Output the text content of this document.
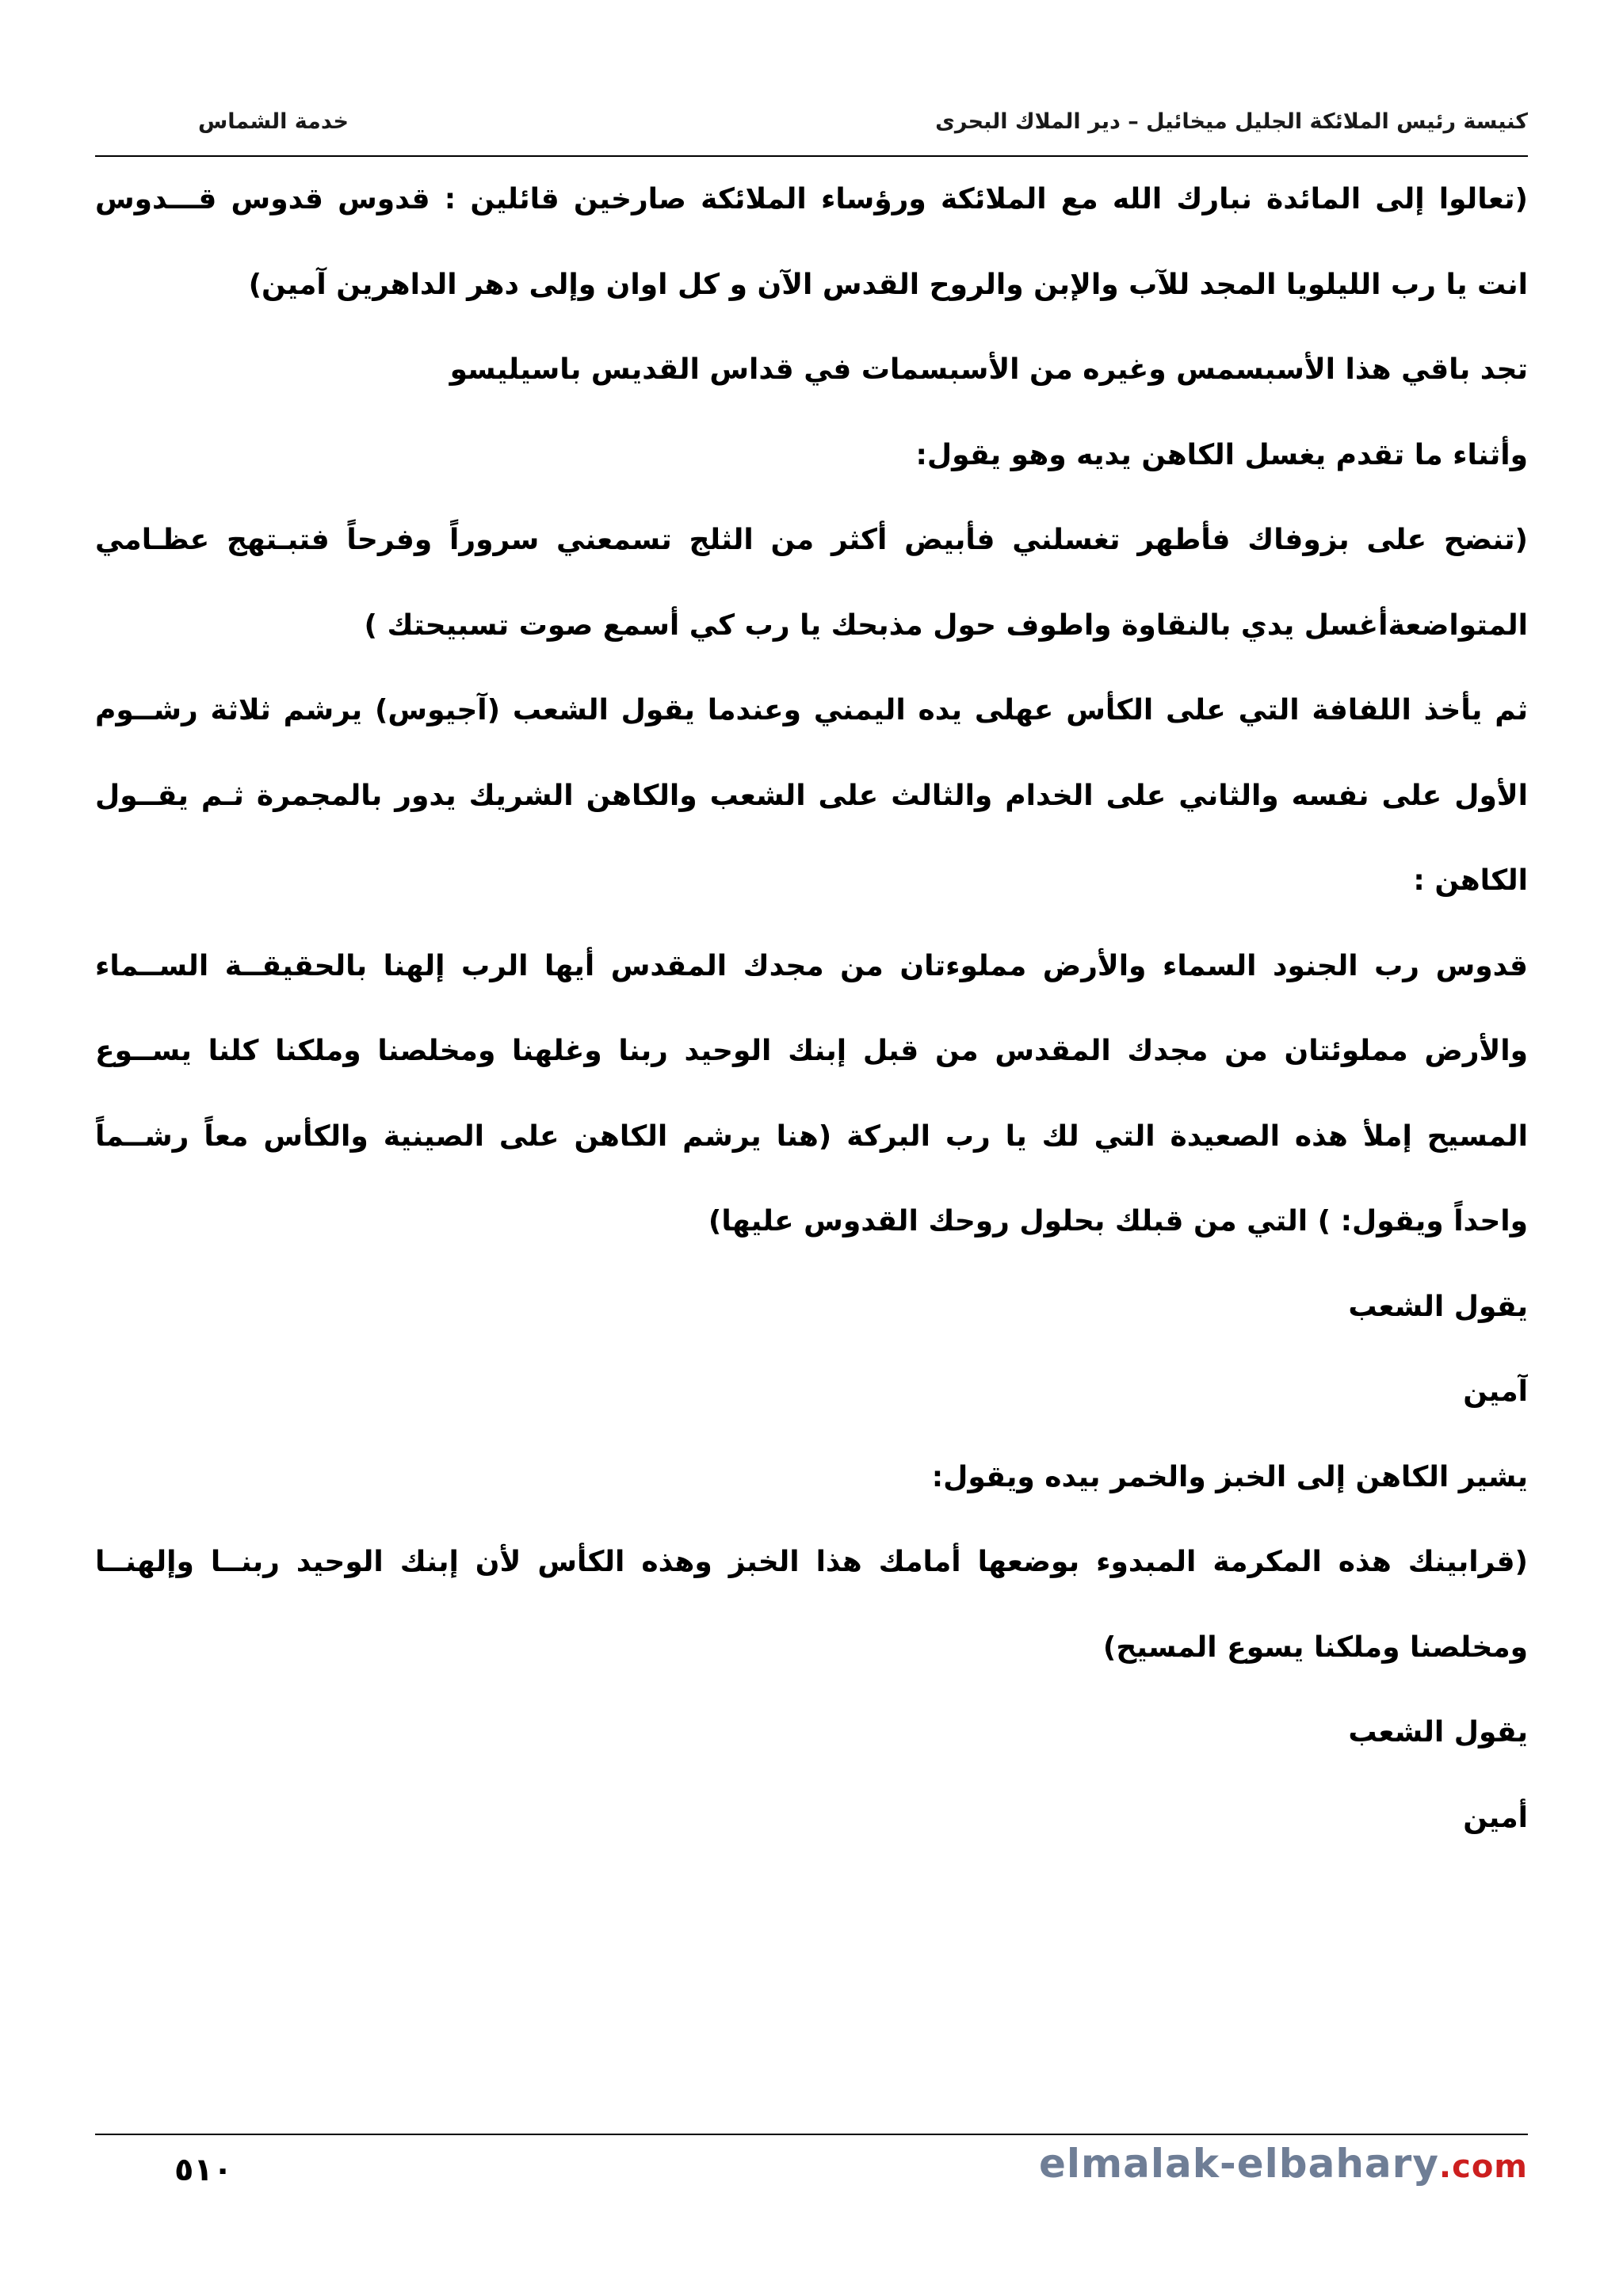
كنيسة رئيس الملائكة الجليل ميخائيل – دير الملاك البحرى
خدمة الشماس
(تعالوا إلى المائدة نبارك الله مع الملائكة ورؤساء الملائكة صارخين قائلين : قدوس قدوس قـــدوس
انت يا رب الليلويا المجد للآب والإبن والروح القدس الآن و كل اوان وإلى دهر الداهرين آمين)
تجد باقي هذا الأسبسمس وغيره من الأسبسمات في قداس القديس باسيليسو
وأثناء ما تقدم يغسل الكاهن يديه وهو يقول:
(تنضح على بزوفاك فأطهر تغسلني فأبيض أكثر من الثلج تسمعني سروراً وفرحاً فتبـتهج عظـامي
المتواضعةأغسل يدي بالنقاوة واطوف حول مذبحك يا رب كي أسمع صوت تسبيحتك )
ثم يأخذ اللفافة التي على الكأس عهلى يده اليمني وعندما يقول الشعب (آجيوس) يرشم ثلاثة رشــوم
الأول على نفسه والثاني على الخدام والثالث على الشعب والكاهن الشريك يدور بالمجمرة ثـم يقــول
الكاهن :
قدوس رب الجنود السماء والأرض مملوءتان من مجدك المقدس أيها الرب إلهنا بالحقيقــة الســماء
والأرض مملوئتان من مجدك المقدس من قبل إبنك الوحيد ربنا وغلهنا ومخلصنا وملكنا كلنا يســوع
المسيح إملأ هذه الصعيدة التي لك يا رب البركة (هنا يرشم الكاهن على الصينية والكأس معاً رشــماً
واحداً ويقول: ) التي من قبلك بحلول روحك القدوس عليها)
يقول الشعب
آمين
يشير الكاهن إلى الخبز والخمر بيده ويقول:
(قرابينك هذه المكرمة المبدوء بوضعها أمامك هذا الخبز وهذه الكأس لأن إبنك الوحيد ربنــا وإلهنــا
ومخلصنا وملكنا يسوع المسيح)
يقول الشعب
أمين
elmalak-elbahary.com
٥١٠
